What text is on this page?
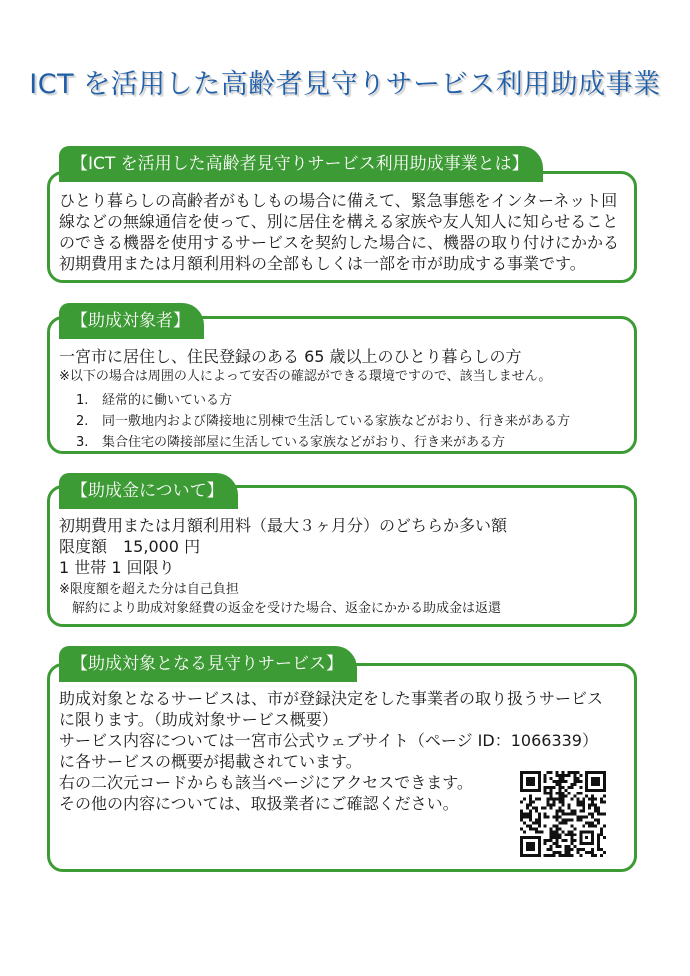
ICT を活用した高齢者見守りサービス利用助成事業
【ICT を活用した高齢者見守りサービス利用助成事業とは】
ひとり暮らしの高齢者がもしもの場合に備えて、緊急事態をインターネット回
線などの無線通信を使って、別に居住を構える家族や友人知人に知らせること
のできる機器を使用するサービスを契約した場合に、機器の取り付けにかかる
初期費用または月額利用料の全部もしくは一部を市が助成する事業です。
【助成対象者】
一宮市に居住し、住民登録のある 65 歳以上のひとり暮らしの方
※以下の場合は周囲の人によって安否の確認ができる環境ですので、該当しません。
1. 経常的に働いている方
2. 同一敷地内および隣接地に別棟で生活している家族などがおり、行き来がある方
3. 集合住宅の隣接部屋に生活している家族などがおり、行き来がある方
【助成金について】
初期費用または月額利用料（最大３ヶ月分）のどちらか多い額
限度額　15,000 円
1 世帯 1 回限り
※限度額を超えた分は自己負担
解約により助成対象経費の返金を受けた場合、返金にかかる助成金は返還
【助成対象となる見守りサービス】
助成対象となるサービスは、市が登録決定をした事業者の取り扱うサービス
に限ります。（助成対象サービス概要）
サービス内容については一宮市公式ウェブサイト（ページ ID：1066339）
に各サービスの概要が掲載されています。
右の二次元コードからも該当ページにアクセスできます。
その他の内容については、取扱業者にご確認ください。
